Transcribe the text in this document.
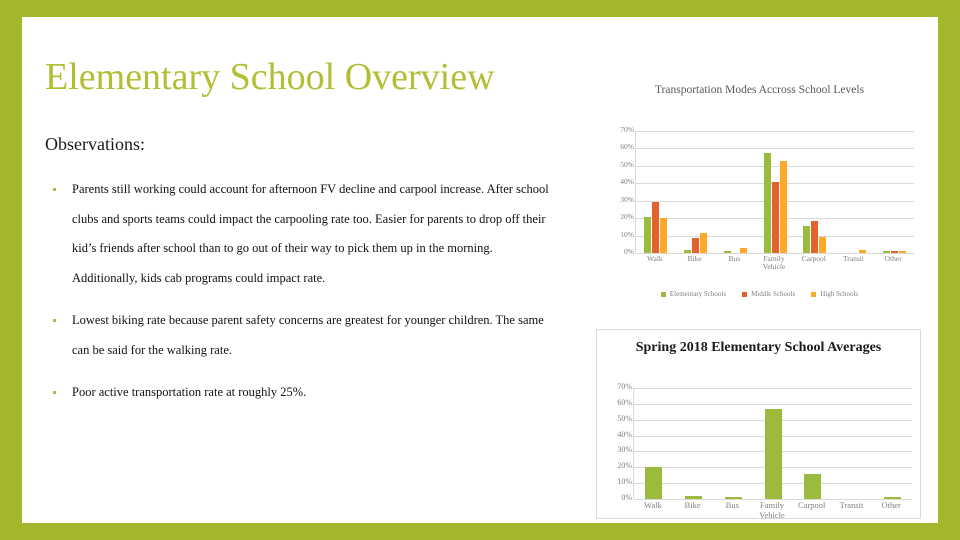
Elementary School Overview
Observations:
Parents still working could account for afternoon FV decline and carpool increase. After school clubs and sports teams could impact the carpooling rate too. Easier for parents to drop off their kid’s friends after school than to go out of their way to pick them up in the morning. Additionally, kids cab programs could impact rate.
Lowest biking rate because parent safety concerns are greatest for younger children. The same can be said for the walking rate.
Poor active transportation rate at roughly 25%.
Transportation Modes Accross School Levels
70%
60%
50%
40%
30%
20%
10%
0%
Walk	Bike	Bus	Family Vehicle
Carpool	Transit	Other
Elementary Schools	Middle Schools	High Schools
Spring 2018 Elementary School Averages
70%
60%
50%
40%
30%
20%
10%
0%
Walk	Bike	Bus	Family Vehicle
Carpool	Transit	Other
